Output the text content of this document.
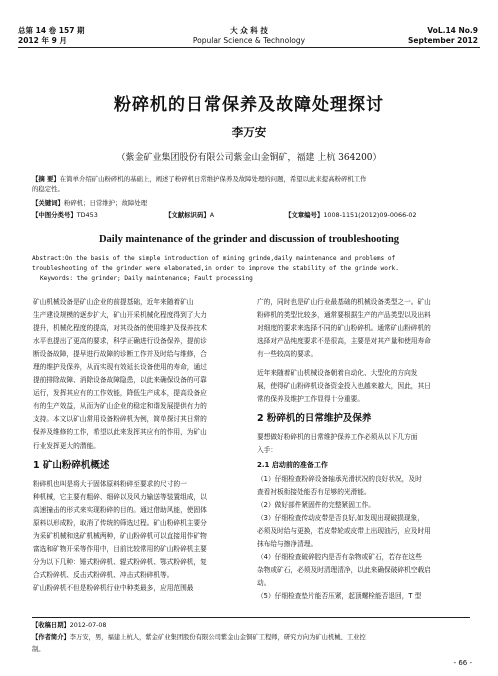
总第 14 卷 157 期
2012 年 9 月
大 众 科 技
Popular Science & Technology
VoL.14 No.9
September 2012
粉碎机的日常保养及故障处理探讨
李万安
（紫金矿业集团股份有限公司紫金山金铜矿，福建 上杭 364200）
【摘 要】在简单介绍矿山粉碎机的基础上，阐述了粉碎机日常维护保养及故障处理的问题，希望以此来提高粉碎机工作
的稳定性。
【关键词】粉碎机；日常维护；故障处理
【中图分类号】TD453	【文献标识码】A	【文章编号】1008-1151(2012)09-0066-02
Daily maintenance of the grinder and discussion of troubleshooting
Abstract:On the basis of the simple introduction of mining grinde,daily maintenance and problems of
troubleshooting of the grinder were elaborated,in order to improve the stability of the grinde work.
Keywords: the grinder; Daily maintenance; Fault processing
矿山机械设备是矿山企业的前提基础，近年来随着矿山
生产建设规模的逐步扩大，矿山开采机械化程度得到了大力
提升，机械化程度的提高，对其设备的使用维护及保养技术
水平也提出了更高的要求，科学正确进行设备保养，提前诊
断设备故障，提早进行故障的诊断工作并及时给与维修，合
理的维护及保养，从而实现有效延长设备使用的寿命，通过
提前排除故障、消除设备故障隐患，以此来确保设备的可靠
运行，发挥其应有的工作效能，降低生产成本，提高设备应
有的生产效益，从而为矿山企业的稳定和谐发展提供有力的
支持。本文以矿山常用设备粉碎机为例，简单探讨其日常的
保养及维修的工作，希望以此来发挥其应有的作用，为矿山
行业发挥更大的潜能。
1 矿山粉碎机概述
粉碎机也叫是将大于固体原料粉碎至要求的尺寸的一
种机械，它主要有粗碎、细碎以及风力输送等装置组成，以
高速撞击的形式来实现粉碎的目的。通过借助风能，使固体
原料以形成粉，取消了传统的筛选过程。矿山粉碎机主要分
为采矿机械和选矿机械两种，矿山粉碎机可以直接用作矿物
富选和矿物开采等作用中，目前比较常用的矿山粉碎机主要
分为以下几种：锤式粉碎机、辊式粉碎机、鄂式粉碎机，复
合式粉碎机、反击式粉碎机、冲击式粉碎机等。
矿山粉碎机不但是粉碎机行业中种类最多，应用范围最
广的，同时也是矿山行业最基础的机械设备类型之一。矿山
粉碎机的类型比较多，通常要根据生产的产品类型以及出料
对细度的要求来选择不同的矿山粉碎机。通常矿山粉碎机的
选择对产品纯度要求不是很高，主要是对其产量和使用寿命
有一些较高的要求。
近年来随着矿山机械设备朝着自动化、大型化的方向发
展，使得矿山粉碎机设备资金投入也越来越大，因此，其日
常的保养及维护工作显得十分重要。
2 粉碎机的日常维护及保养
要想做好粉碎机的日常维护保养工作必须从以下几方面
入手：
2.1 启动前的准备工作
（1）仔细检查粉碎设备轴承光滑状况的良好状况，及时
查看衬板衔接处能否有足够的光滑能。
（2）做好部件紧固件的完整紧固工作。
（3）仔细检查传动皮带是否良好,如发现出现破损现象，
必须及时给与更换，若皮带轮或皮带上出现油污，应及时用
抹布给与擦净清理。
（4）仔细检查破碎腔内是否有杂物或矿石，若存在这些
杂物或矿石，必须及时清理清净，以此来确保破碎机空载启
动。
（5）仔细检查垫片能否压紧，起顶螺栓能否退回，T 型
【收稿日期】2012-07-08
【作者简介】李万安，男，福建上杭人，紫金矿业集团股份有限公司紫金山金铜矿工程师，研究方向为矿山机械、工业控
制。
- 66 -
